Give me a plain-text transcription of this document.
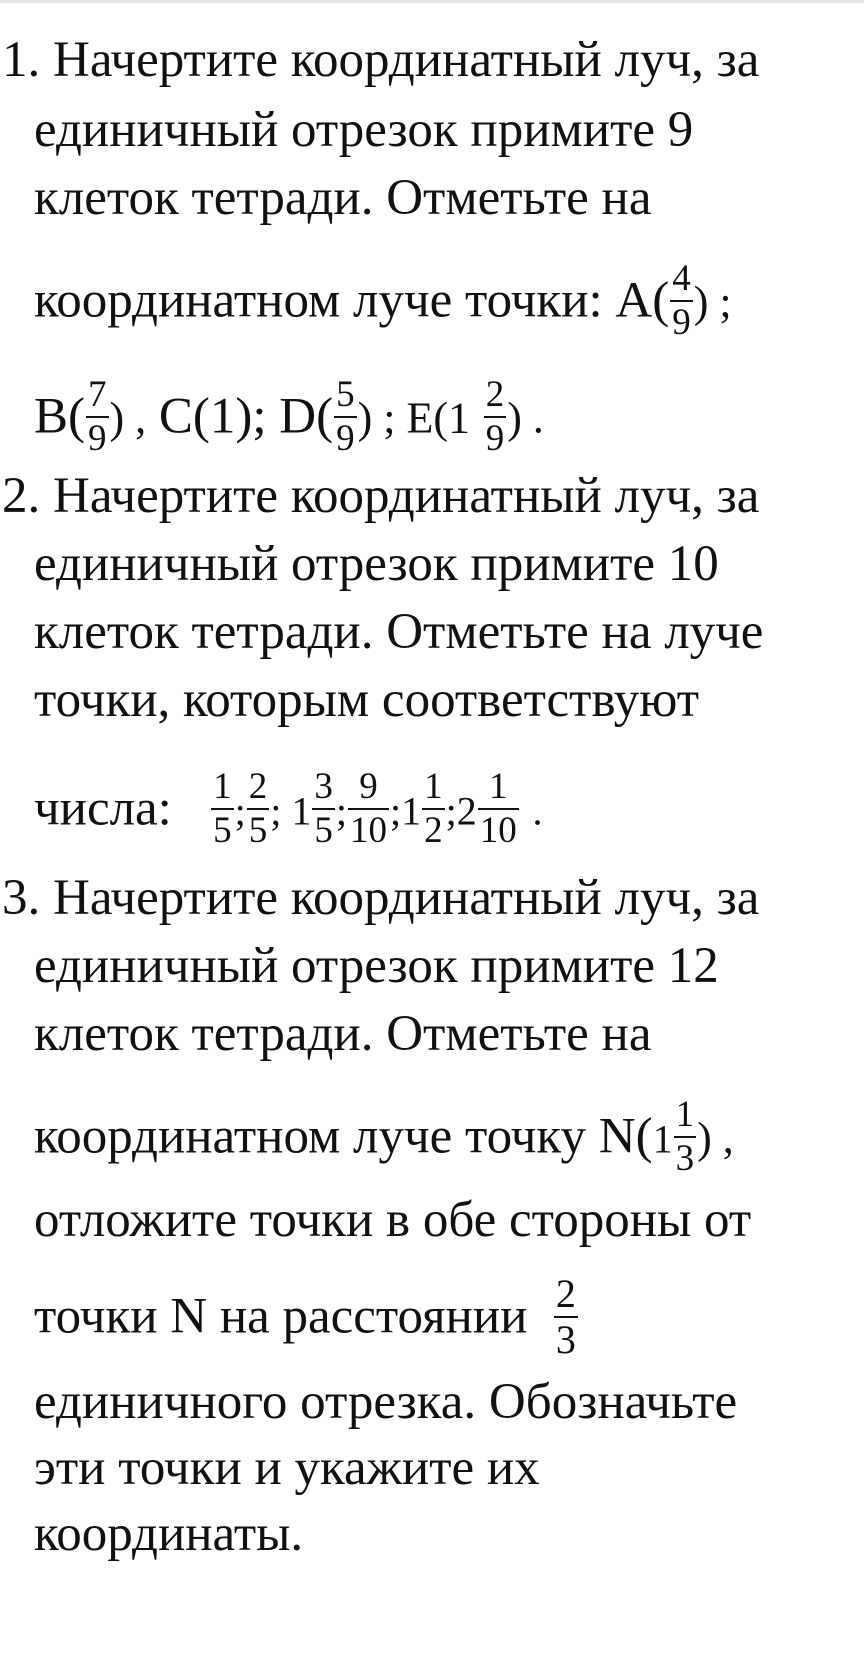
1. Начертите координатный луч, за
единичный отрезок примите 9
клеток тетради. Отметьте на
координатном луче точки: $A( \frac{4}{9}$ ) ;
$B( \frac{7}{9}$ ) , C(1); $D( \frac{5}{9}$ ) ; $E(1 \frac{2}{9}$ ) .
2. Начертите координатный луч, за
единичный отрезок примите 10
клеток тетради. Отметьте на луче
точки, которым соответствуют
числа: $\frac{1}{5}$ ; $\frac{2}{5}$ ; $1 \frac{3}{5}$ ; $\frac{9}{10}$ ;1 $\frac{1}{2}$ ;2 $\frac{1}{10}$ .
3. Начертите координатный луч, за
единичный отрезок примите 12
клеток тетради. Отметьте на
координатном луче точку $N(1 \frac{1}{3}$ ) ,
отложите точки в обе стороны от
точки N на расстоянии $\frac{2}{3}$
единичного отрезка. Обозначьте
эти точки и укажите их
координаты.
